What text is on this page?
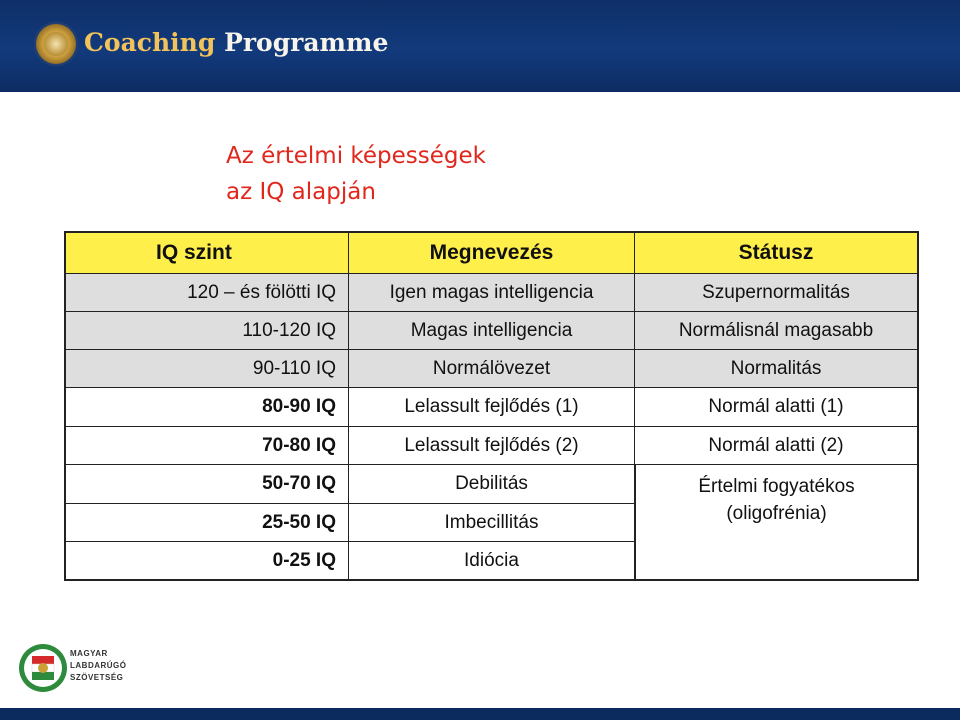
Coaching Programme
Az értelmi képességek
az IQ alapján
IQ szint	Megnevezés	Státusz
120 – és fölötti IQ	Igen magas intelligencia	Szupernormalitás
110-120 IQ	Magas intelligencia	Normálisnál magasabb
90-110 IQ	Normálövezet	Normalitás
80-90 IQ	Lelassult fejlődés (1)	Normál alatti (1)
70-80 IQ	Lelassult fejlődés (2)	Normál alatti (2)
50-70 IQ	Debilitás
25-50 IQ	Imbecillitás
0-25 IQ	Idiócia
Értelmi fogyatékos
(oligofrénia)
MAGYAR
LABDARÚGÓ
SZÖVETSÉG
